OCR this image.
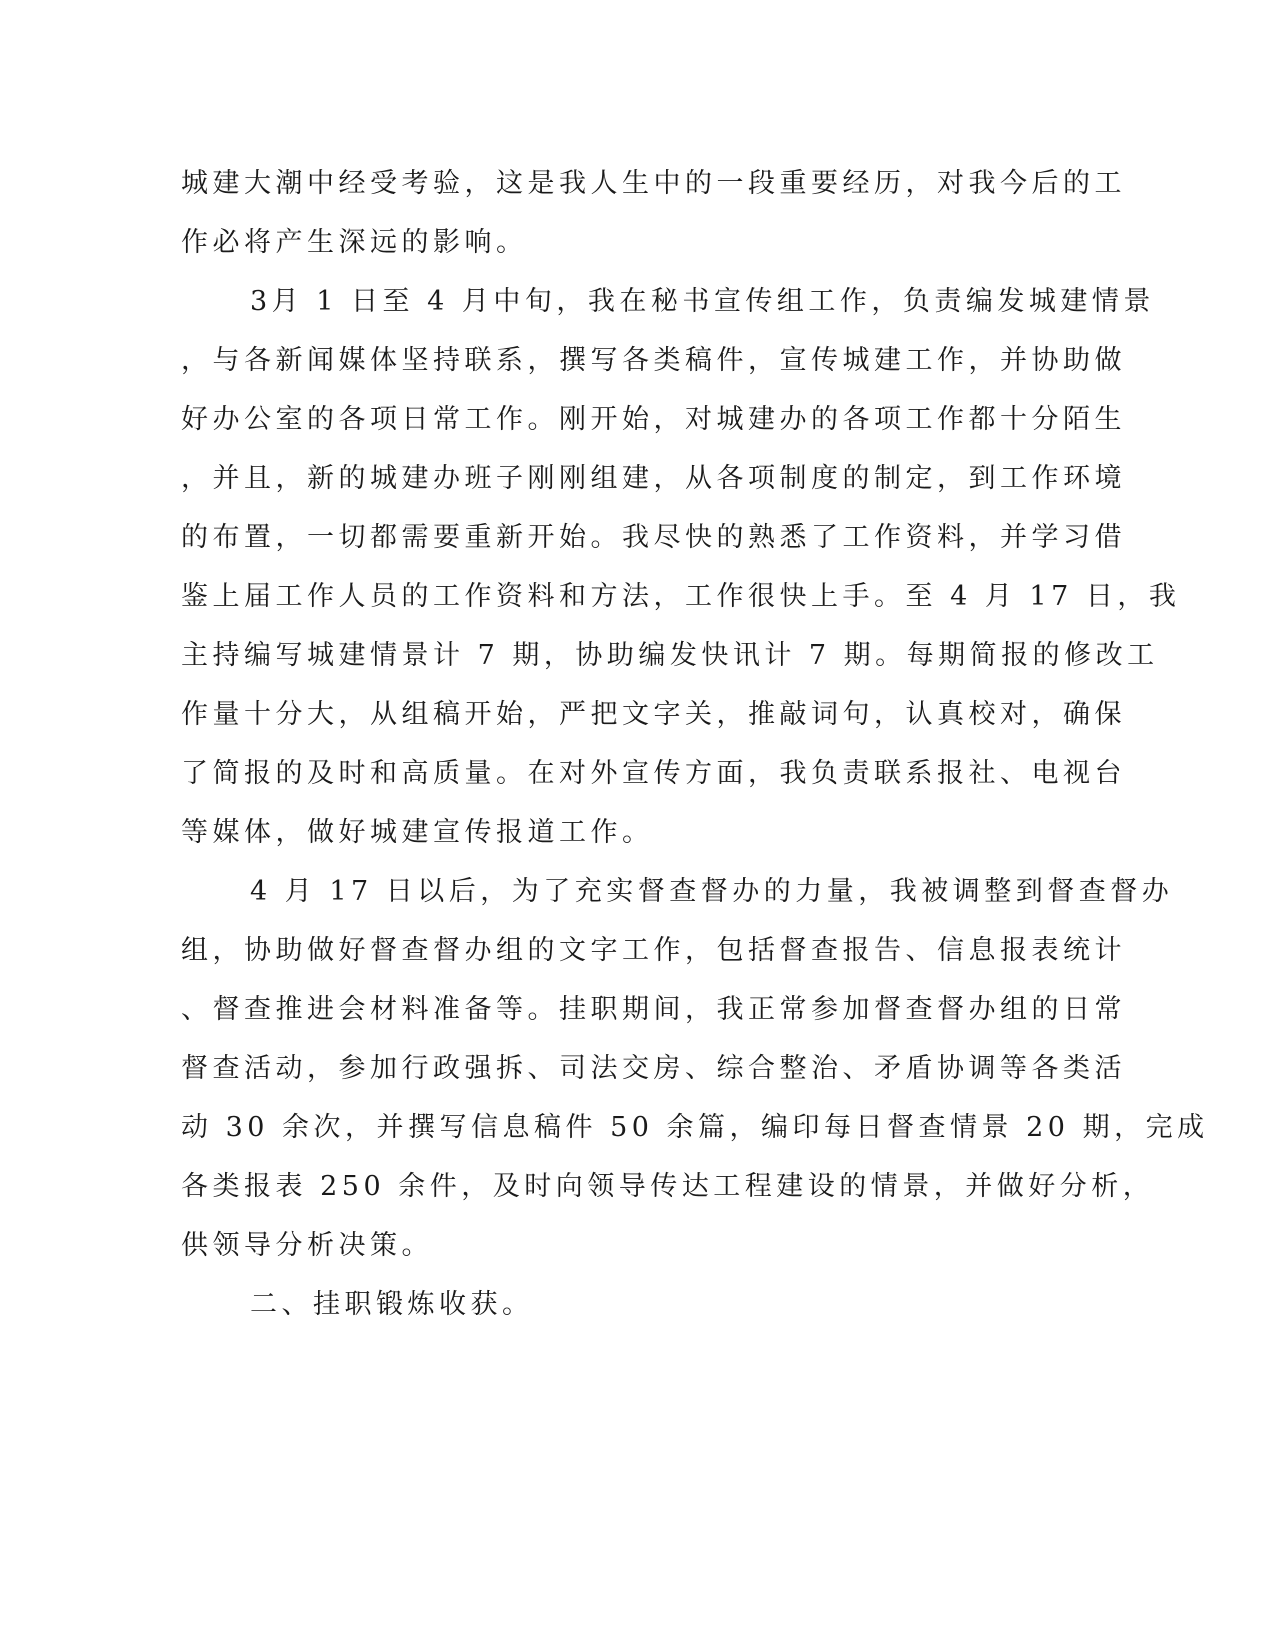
城建大潮中经受考验，这是我人生中的一段重要经历，对我今后的工
作必将产生深远的影响。
3月 1 日至 4 月中旬，我在秘书宣传组工作，负责编发城建情景
，与各新闻媒体坚持联系，撰写各类稿件，宣传城建工作，并协助做
好办公室的各项日常工作。刚开始，对城建办的各项工作都十分陌生
，并且，新的城建办班子刚刚组建，从各项制度的制定，到工作环境
的布置，一切都需要重新开始。我尽快的熟悉了工作资料，并学习借
鉴上届工作人员的工作资料和方法，工作很快上手。至 4 月 17 日，我
主持编写城建情景计 7 期，协助编发快讯计 7 期。每期简报的修改工
作量十分大，从组稿开始，严把文字关，推敲词句，认真校对，确保
了简报的及时和高质量。在对外宣传方面，我负责联系报社、电视台
等媒体，做好城建宣传报道工作。
4 月 17 日以后，为了充实督查督办的力量，我被调整到督查督办
组，协助做好督查督办组的文字工作，包括督查报告、信息报表统计
、督查推进会材料准备等。挂职期间，我正常参加督查督办组的日常
督查活动，参加行政强拆、司法交房、综合整治、矛盾协调等各类活
动 30 余次，并撰写信息稿件 50 余篇，编印每日督查情景 20 期，完成
各类报表 250 余件，及时向领导传达工程建设的情景，并做好分析，
供领导分析决策。
二、挂职锻炼收获。
